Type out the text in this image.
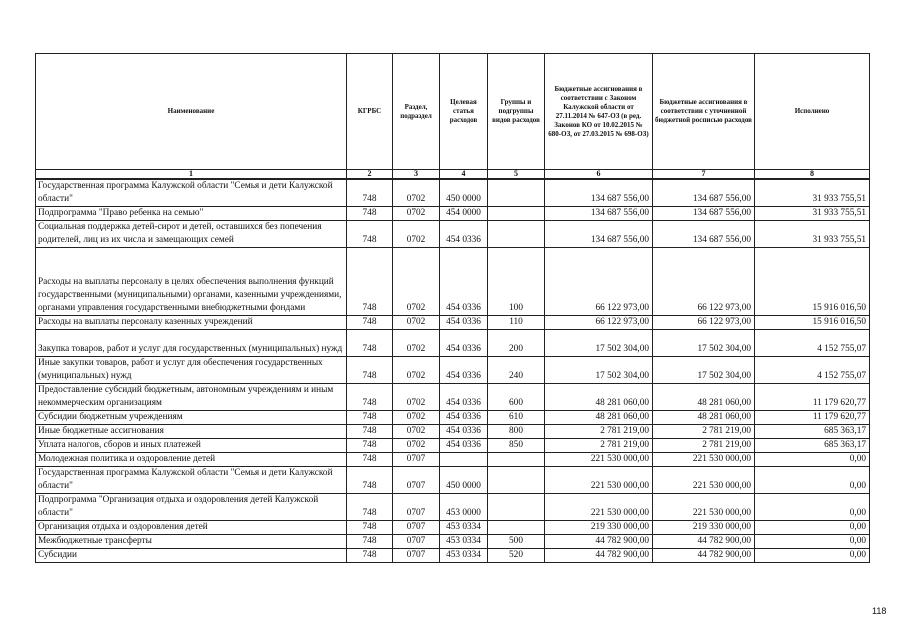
Наименование	КГРБС	Раздел, подраздел	Целевая статья расходов	Группы и подгруппы видов расходов	Бюджетные ассигнования в соответствии с Законом Калужской области от 27.11.2014 № 647-ОЗ (в ред. Законов КО от 10.02.2015 № 680-ОЗ, от 27.03.2015 № 698-ОЗ)	Бюджетные ассигнования в соответствии с уточненной бюджетной росписью расходов	Исполнено
1	2	3	4	5	6	7	8
Государственная программа Калужской области "Семья и дети Калужской области"	748	0702	450 0000		134 687 556,00	134 687 556,00	31 933 755,51
Подпрограмма "Право ребенка на семью"	748	0702	454 0000		134 687 556,00	134 687 556,00	31 933 755,51
Социальная поддержка детей-сирот и детей, оставшихся без попечения родителей, лиц из их числа и замещающих семей	748	0702	454 0336		134 687 556,00	134 687 556,00	31 933 755,51
Расходы на выплаты персоналу в целях обеспечения выполнения функций государственными (муниципальными) органами, казенными учреждениями, органами управления государственными внебюджетными фондами	748	0702	454 0336	100	66 122 973,00	66 122 973,00	15 916 016,50
Расходы на выплаты персоналу казенных учреждений	748	0702	454 0336	110	66 122 973,00	66 122 973,00	15 916 016,50
Закупка товаров, работ и услуг для государственных (муниципальных) нужд	748	0702	454 0336	200	17 502 304,00	17 502 304,00	4 152 755,07
Иные закупки товаров, работ и услуг для обеспечения государственных (муниципальных) нужд	748	0702	454 0336	240	17 502 304,00	17 502 304,00	4 152 755,07
Предоставление субсидий бюджетным, автономным учреждениям и иным некоммерческим организациям	748	0702	454 0336	600	48 281 060,00	48 281 060,00	11 179 620,77
Субсидии бюджетным учреждениям	748	0702	454 0336	610	48 281 060,00	48 281 060,00	11 179 620,77
Иные бюджетные ассигнования	748	0702	454 0336	800	2 781 219,00	2 781 219,00	685 363,17
Уплата налогов, сборов и иных платежей	748	0702	454 0336	850	2 781 219,00	2 781 219,00	685 363,17
Молодежная политика и оздоровление детей	748	0707			221 530 000,00	221 530 000,00	0,00
Государственная программа Калужской области "Семья и дети Калужской области"	748	0707	450 0000		221 530 000,00	221 530 000,00	0,00
Подпрограмма "Организация отдыха и оздоровления детей Калужской области"	748	0707	453 0000		221 530 000,00	221 530 000,00	0,00
Организация отдыха и оздоровления детей	748	0707	453 0334		219 330 000,00	219 330 000,00	0,00
Межбюджетные трансферты	748	0707	453 0334	500	44 782 900,00	44 782 900,00	0,00
Субсидии	748	0707	453 0334	520	44 782 900,00	44 782 900,00	0,00
118
